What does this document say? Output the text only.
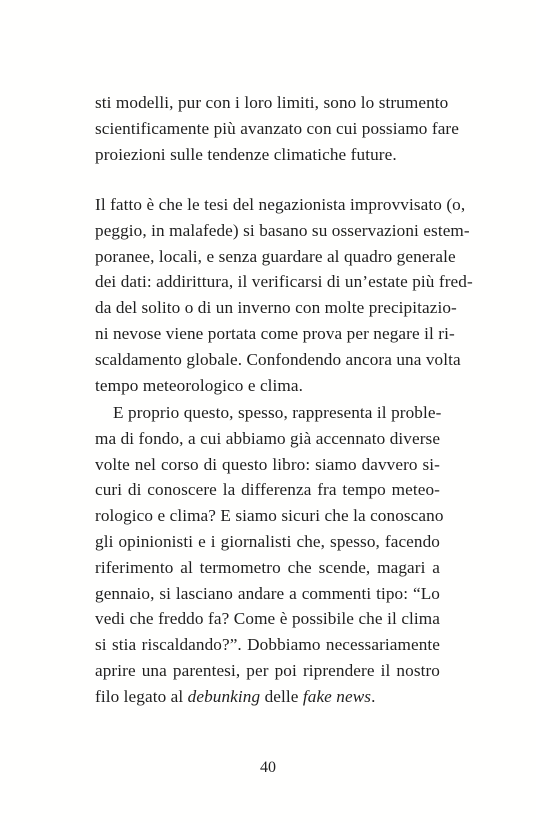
sti modelli, pur con i loro limiti, sono lo strumento
scientificamente più avanzato con cui possiamo fare
proiezioni sulle tendenze climatiche future.
Il fatto è che le tesi del negazionista improvvisato (o,
peggio, in malafede) si basano su osservazioni estem-
poranee, locali, e senza guardare al quadro generale
dei dati: addirittura, il verificarsi di un’estate più fred-
da del solito o di un inverno con molte precipitazio-
ni nevose viene portata come prova per negare il ri-
scaldamento globale. Confondendo ancora una volta
tempo meteorologico e clima.
E proprio questo, spesso, rappresenta il proble-
ma di fondo, a cui abbiamo già accennato diverse
volte nel corso di questo libro: siamo davvero si-
curi di conoscere la differenza fra tempo meteo-
rologico e clima? E siamo sicuri che la conoscano
gli opinionisti e i giornalisti che, spesso, facendo
riferimento al termometro che scende, magari a
gennaio, si lasciano andare a commenti tipo: “Lo
vedi che freddo fa? Come è possibile che il clima
si stia riscaldando?”. Dobbiamo necessariamente
aprire una parentesi, per poi riprendere il nostro
filo legato al debunking delle fake news.
40
